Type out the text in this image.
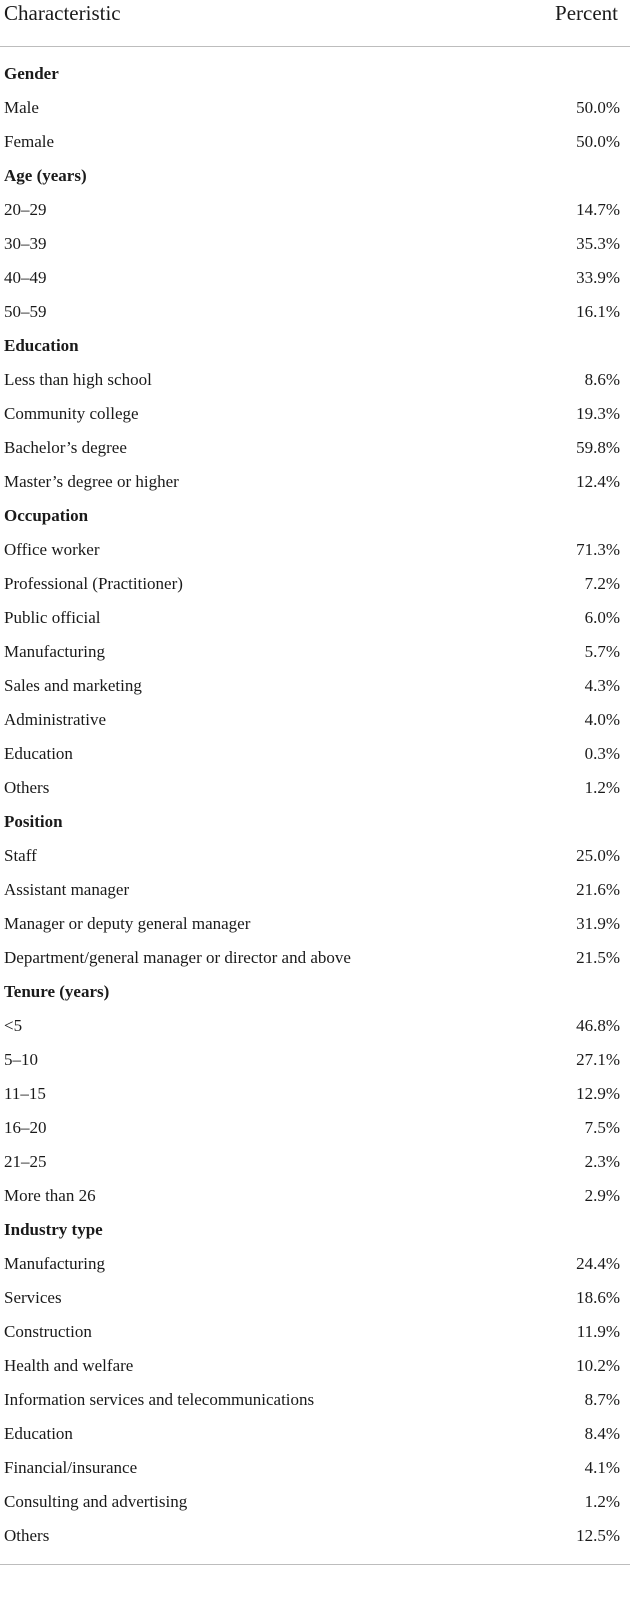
Characteristic	Percent
Gender
Male	50.0%
Female	50.0%
Age (years)
20–29	14.7%
30–39	35.3%
40–49	33.9%
50–59	16.1%
Education
Less than high school	8.6%
Community college	19.3%
Bachelor’s degree	59.8%
Master’s degree or higher	12.4%
Occupation
Office worker	71.3%
Professional (Practitioner)	7.2%
Public official	6.0%
Manufacturing	5.7%
Sales and marketing	4.3%
Administrative	4.0%
Education	0.3%
Others	1.2%
Position
Staff	25.0%
Assistant manager	21.6%
Manager or deputy general manager	31.9%
Department/general manager or director and above	21.5%
Tenure (years)
<5	46.8%
5–10	27.1%
11–15	12.9%
16–20	7.5%
21–25	2.3%
More than 26	2.9%
Industry type
Manufacturing	24.4%
Services	18.6%
Construction	11.9%
Health and welfare	10.2%
Information services and telecommunications	8.7%
Education	8.4%
Financial/insurance	4.1%
Consulting and advertising	1.2%
Others	12.5%
